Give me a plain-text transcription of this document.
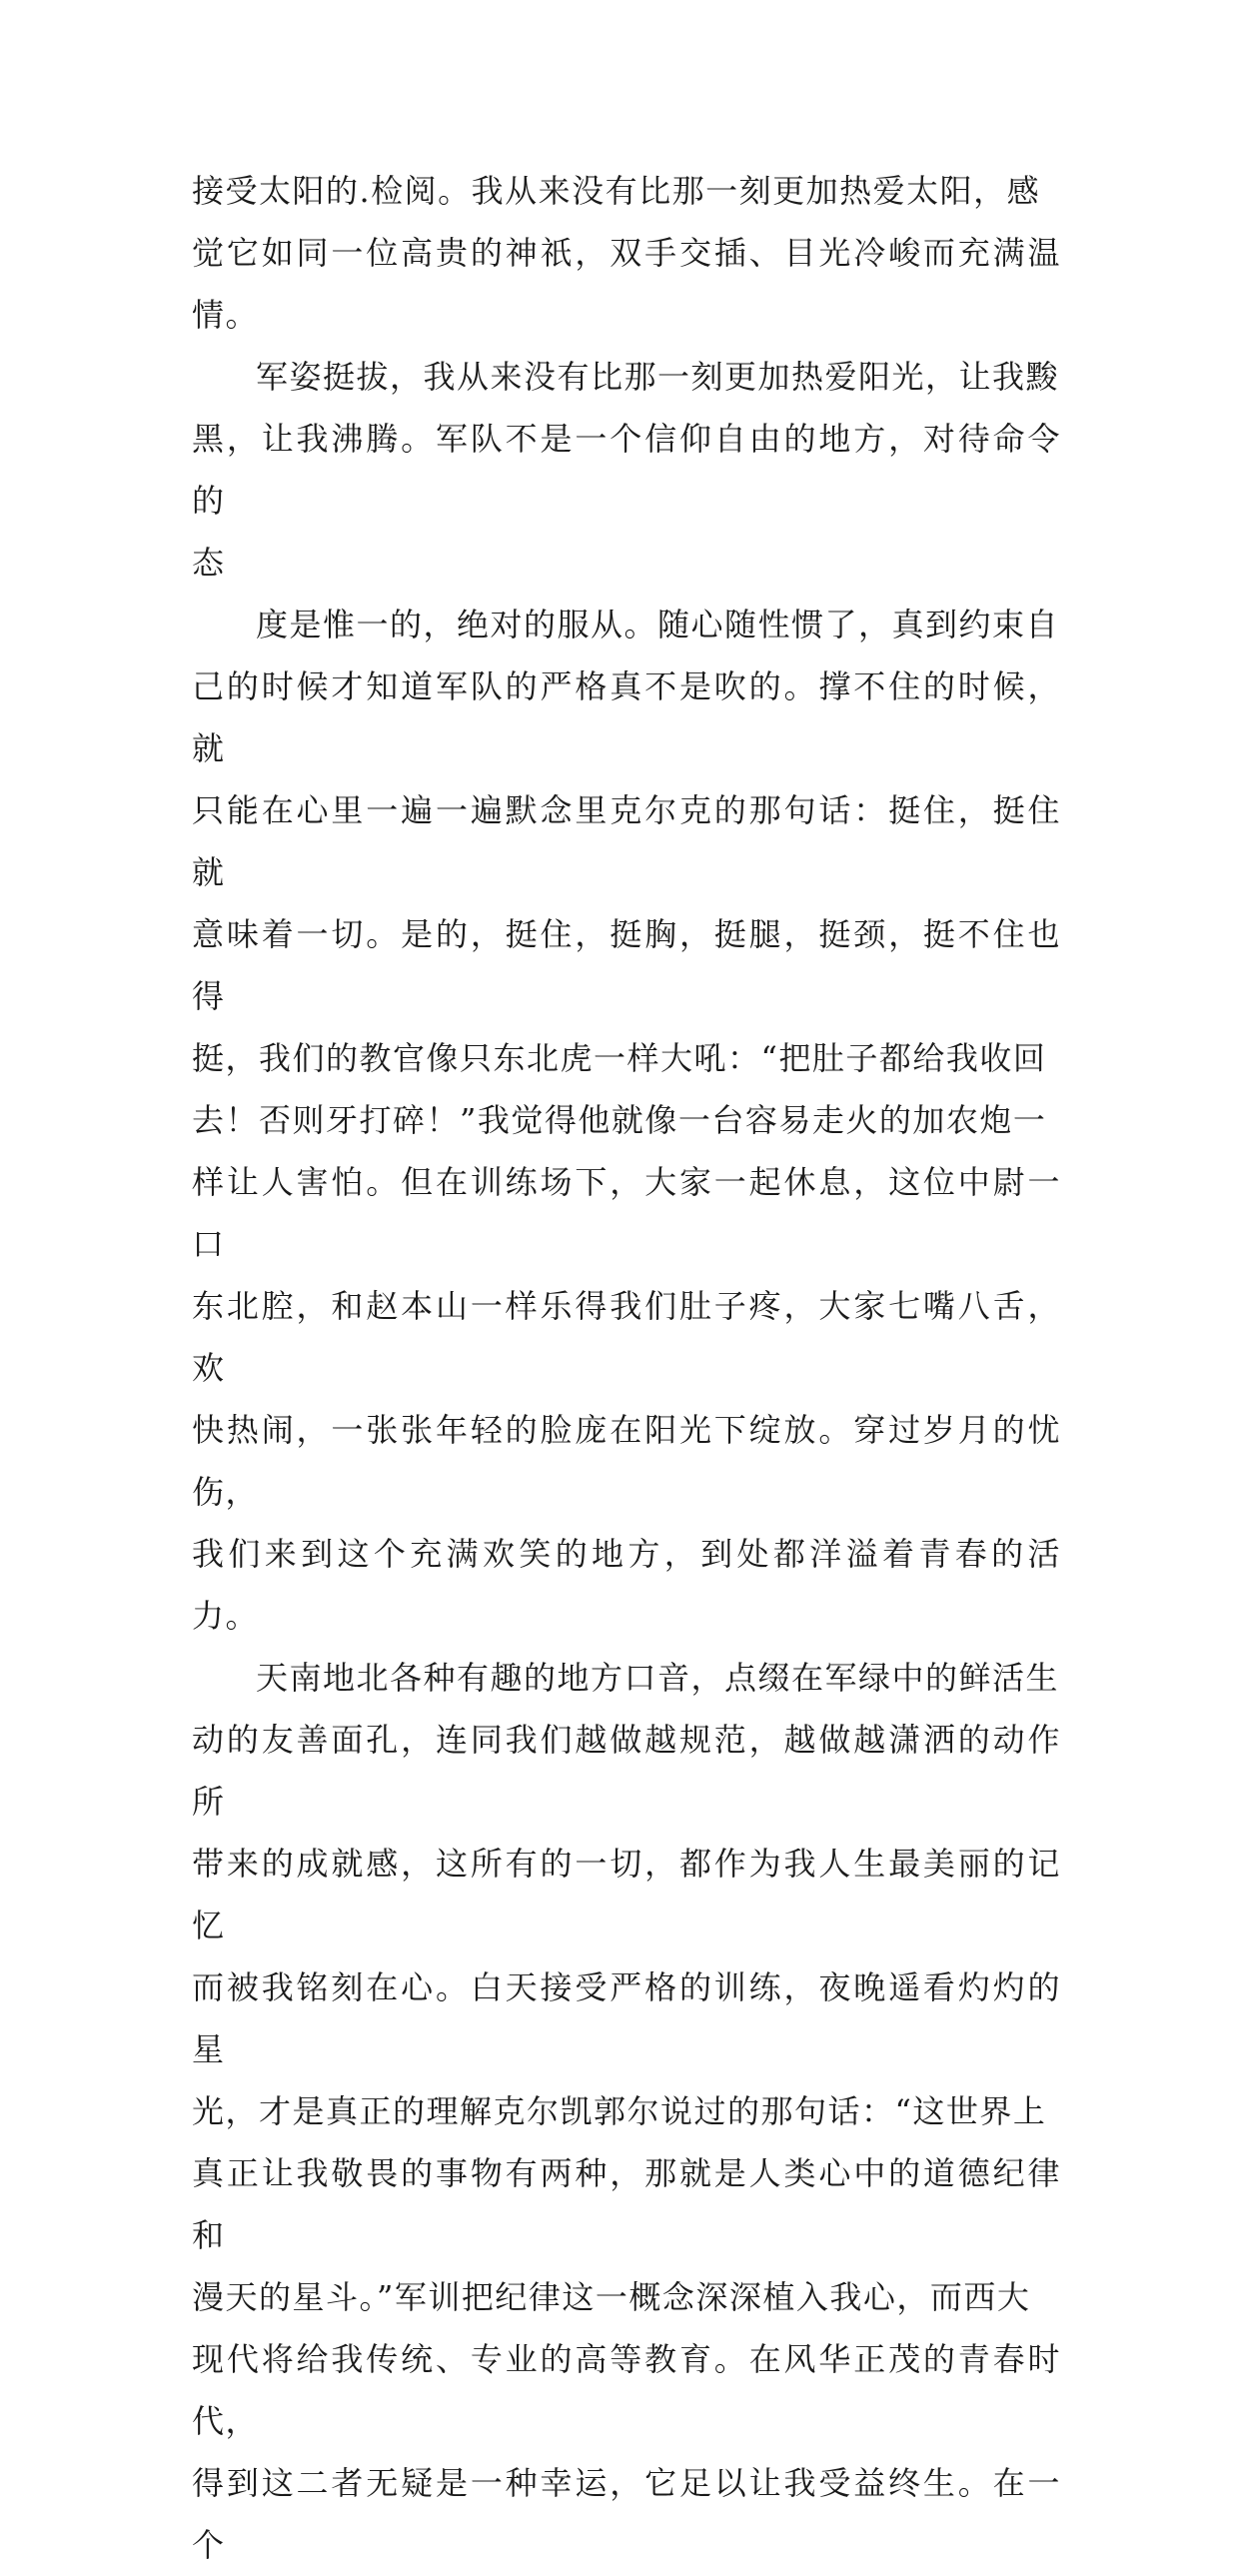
接受太阳的.检阅。我从来没有比那一刻更加热爱太阳，感
觉它如同一位高贵的神祇，双手交插、目光冷峻而充满温情。
军姿挺拔，我从来没有比那一刻更加热爱阳光，让我黢
黑，让我沸腾。军队不是一个信仰自由的地方，对待命令的
态
度是惟一的，绝对的服从。随心随性惯了，真到约束自
己的时候才知道军队的严格真不是吹的。撑不住的时候，就
只能在心里一遍一遍默念里克尔克的那句话：挺住，挺住就
意味着一切。是的，挺住，挺胸，挺腿，挺颈，挺不住也得
挺，我们的教官像只东北虎一样大吼：“把肚子都给我收回
去！否则牙打碎！”我觉得他就像一台容易走火的加农炮一
样让人害怕。但在训练场下，大家一起休息，这位中尉一口
东北腔，和赵本山一样乐得我们肚子疼，大家七嘴八舌，欢
快热闹，一张张年轻的脸庞在阳光下绽放。穿过岁月的忧伤，
我们来到这个充满欢笑的地方，到处都洋溢着青春的活力。
天南地北各种有趣的地方口音，点缀在军绿中的鲜活生
动的友善面孔，连同我们越做越规范，越做越潇洒的动作所
带来的成就感，这所有的一切，都作为我人生最美丽的记忆
而被我铭刻在心。白天接受严格的训练，夜晚遥看灼灼的星
光，才是真正的理解克尔凯郭尔说过的那句话：“这世界上
真正让我敬畏的事物有两种，那就是人类心中的道德纪律和
漫天的星斗。”军训把纪律这一概念深深植入我心，而西大
现代将给我传统、专业的高等教育。在风华正茂的青春时代，
得到这二者无疑是一种幸运，它足以让我受益终生。在一个
